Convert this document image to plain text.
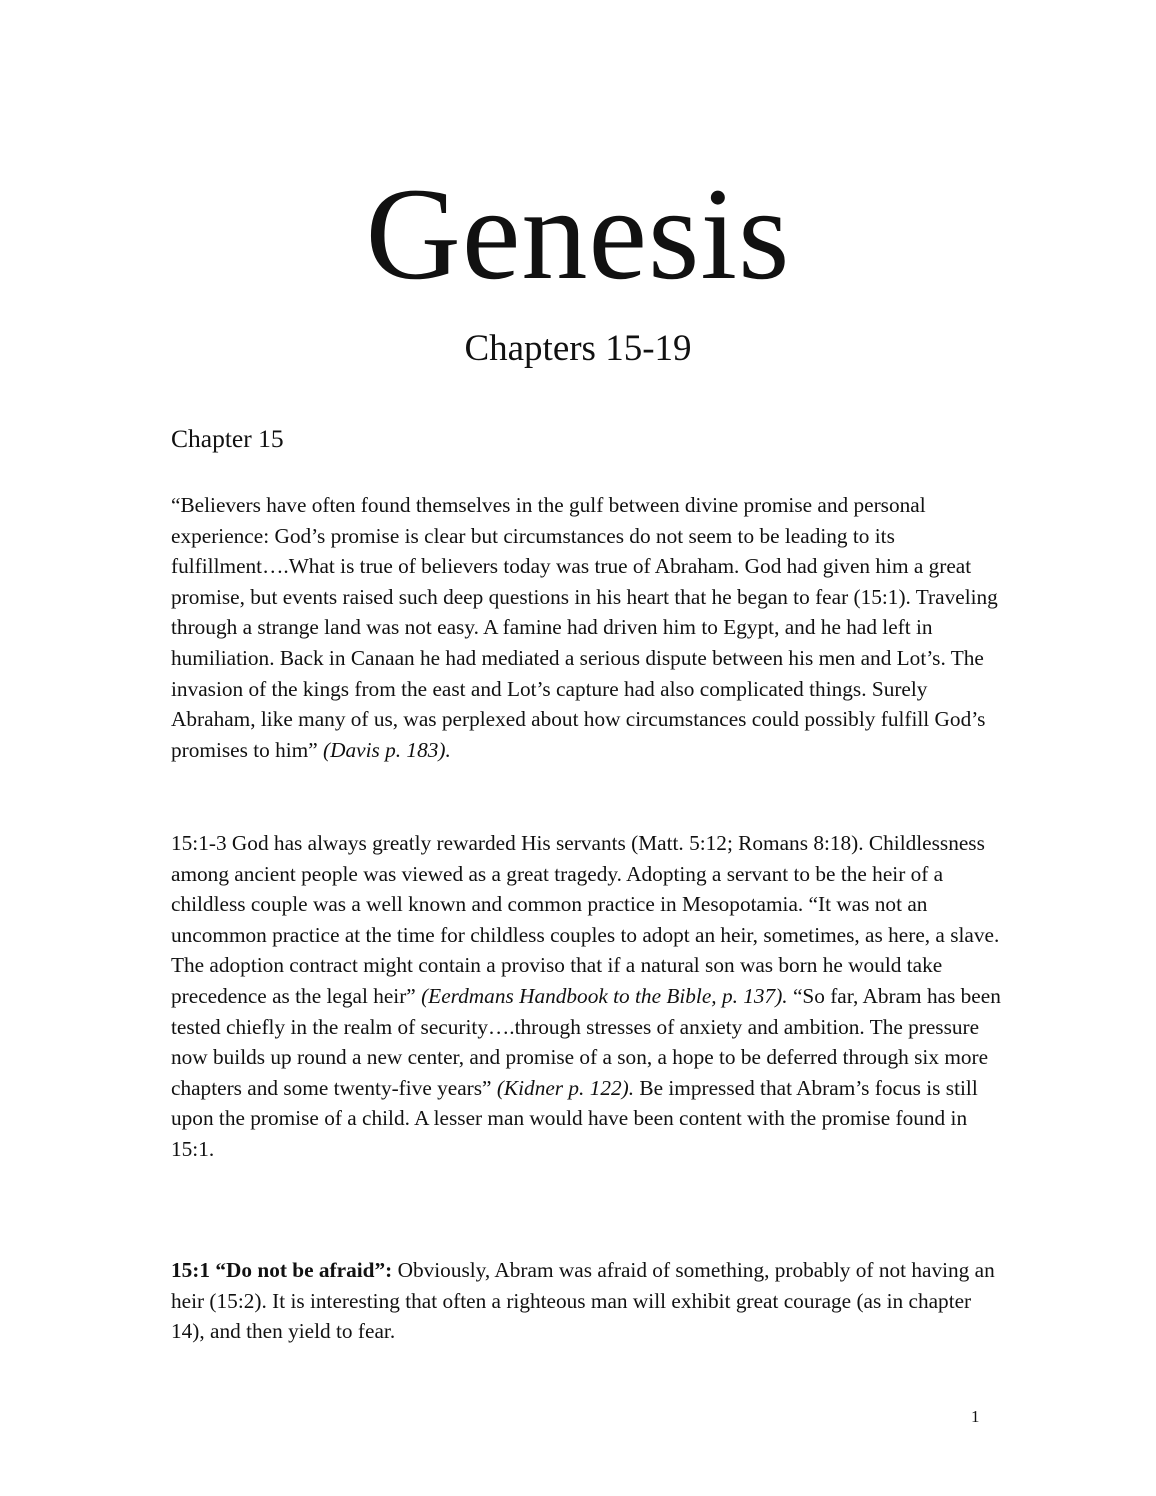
Genesis
Chapters 15-19
Chapter 15

“Believers have often found themselves in the gulf between divine promise and personal experience: God’s promise is clear but circumstances do not seem to be leading to its fulfillment….What is true of believers today was true of Abraham. God had given him a great promise, but events raised such deep questions in his heart that he began to fear (15:1). Traveling through a strange land was not easy. A famine had driven him to Egypt, and he had left in humiliation. Back in Canaan he had mediated a serious dispute between his men and Lot’s. The invasion of the kings from the east and Lot’s capture had also complicated things. Surely Abraham, like many of us, was perplexed about how circumstances could possibly fulfill God’s promises to him” (Davis p. 183).

15:1-3 God has always greatly rewarded His servants (Matt. 5:12; Romans 8:18). Childlessness among ancient people was viewed as a great tragedy. Adopting a servant to be the heir of a childless couple was a well known and common practice in Mesopotamia. “It was not an uncommon practice at the time for childless couples to adopt an heir, sometimes, as here, a slave. The adoption contract might contain a proviso that if a natural son was born he would take precedence as the legal heir” (Eerdmans Handbook to the Bible, p. 137). “So far, Abram has been tested chiefly in the realm of security….through stresses of anxiety and ambition. The pressure now builds up round a new center, and promise of a son, a hope to be deferred through six more chapters and some twenty-five years” (Kidner p. 122). Be impressed that Abram’s focus is still upon the promise of a child. A lesser man would have been content with the promise found in 15:1.

15:1 “Do not be afraid”: Obviously, Abram was afraid of something, probably of not having an heir (15:2). It is interesting that often a righteous man will exhibit great courage (as in chapter 14), and then yield to fear.

1
